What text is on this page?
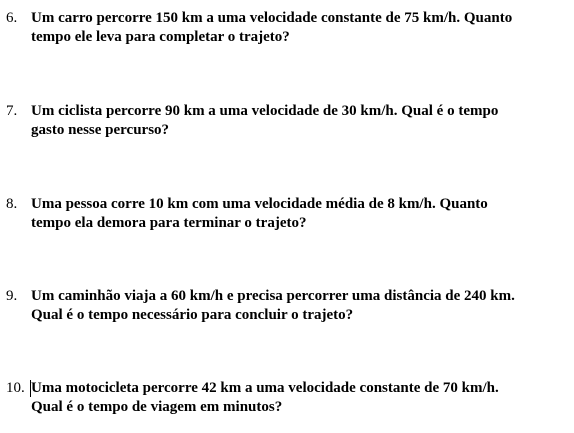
6. Um carro percorre 150 km a uma velocidade constante de 75 km/h. Quanto
tempo ele leva para completar o trajeto?
7. Um ciclista percorre 90 km a uma velocidade de 30 km/h. Qual é o tempo
gasto nesse percurso?
8. Uma pessoa corre 10 km com uma velocidade média de 8 km/h. Quanto
tempo ela demora para terminar o trajeto?
9. Um caminhão viaja a 60 km/h e precisa percorrer uma distância de 240 km.
Qual é o tempo necessário para concluir o trajeto?
10. Uma motocicleta percorre 42 km a uma velocidade constante de 70 km/h.
Qual é o tempo de viagem em minutos?
